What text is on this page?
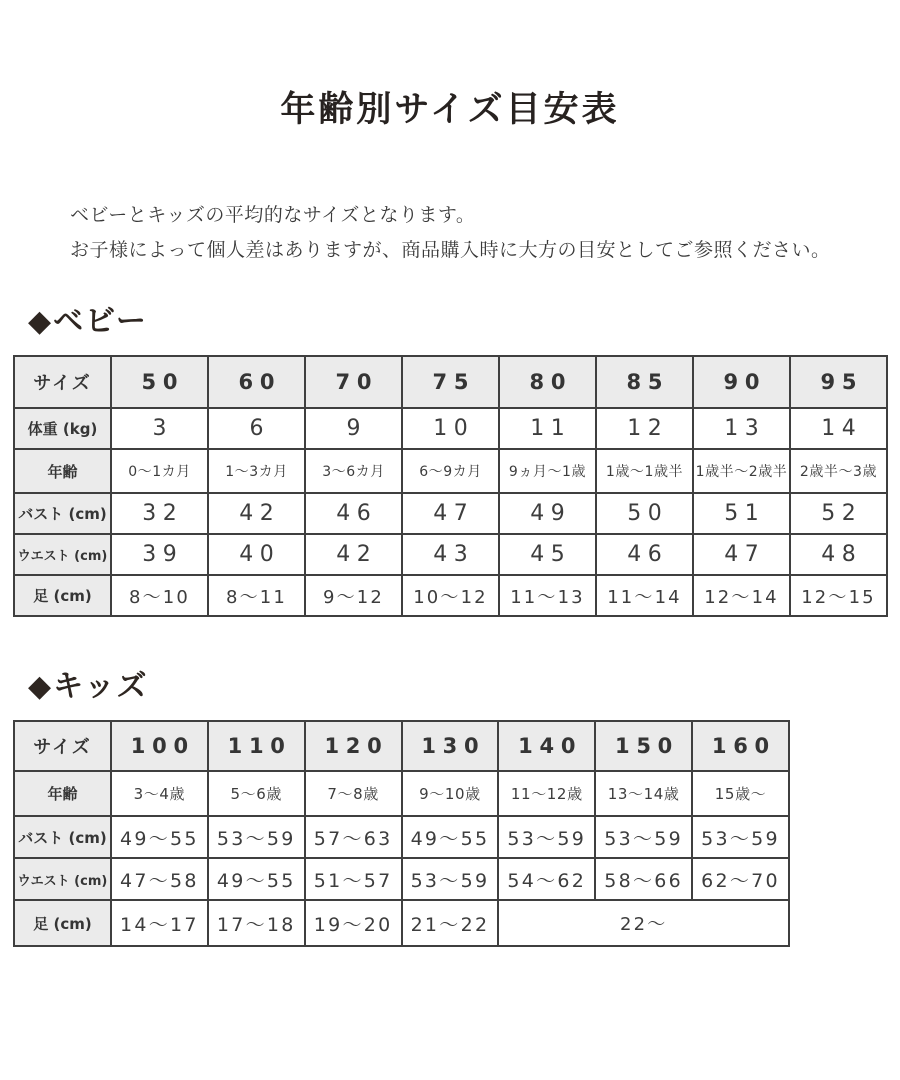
年齢別サイズ目安表
ベビーとキッズの平均的なサイズとなります。
お子様によって個人差はありますが、商品購入時に大方の目安としてご参照ください。
◆ベビー
サイズ	50	60	70	75	80	85	90	95
体重 (kg)	3	6	9	10	11	12	13	14
年齢	0〜1カ月	1〜3カ月	3〜6カ月	6〜9カ月	9ヵ月〜1歳	1歳〜1歳半	1歳半〜2歳半	2歳半〜3歳
バスト (cm)	32	42	46	47	49	50	51	52
ウエスト (cm)	39	40	42	43	45	46	47	48
足 (cm)	8〜10	8〜11	9〜12	10〜12	11〜13	11〜14	12〜14	12〜15
◆キッズ
サイズ	100	110	120	130	140	150	160
年齢	3〜4歳	5〜6歳	7〜8歳	9〜10歳	11〜12歳	13〜14歳	15歳〜
バスト (cm)	49〜55	53〜59	57〜63	49〜55	53〜59	53〜59	53〜59
ウエスト (cm)	47〜58	49〜55	51〜57	53〜59	54〜62	58〜66	62〜70
足 (cm)	14〜17	17〜18	19〜20	21〜22	22〜		
